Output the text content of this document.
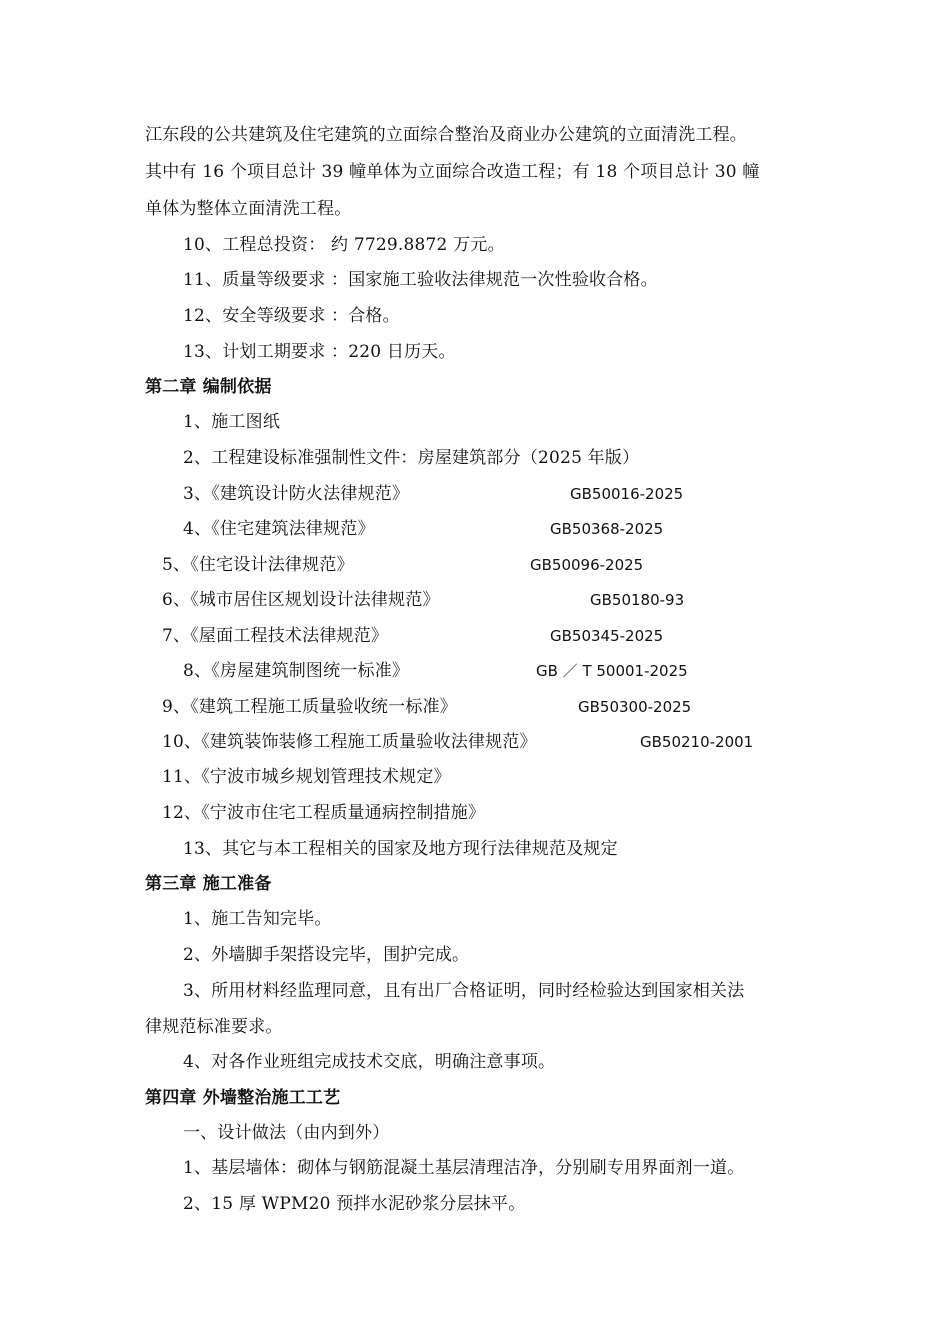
江东段的公共建筑及住宅建筑的立面综合整治及商业办公建筑的立面清洗工程。
其中有 16 个项目总计 39 幢单体为立面综合改造工程；有 18 个项目总计 30 幢
单体为整体立面清洗工程。
10、工程总投资： 约 7729.8872 万元。
11、质量等级要求 ：国家施工验收法律规范一次性验收合格。
12、安全等级要求 ：合格。
13、计划工期要求 ：220 日历天。
第二章 编制依据
1、施工图纸
2、工程建设标准强制性文件：房屋建筑部分（2025 年版）
3、《建筑设计防火法律规范》	GB50016-2025
4、《住宅建筑法律规范》	GB50368-2025
5、《住宅设计法律规范》	GB50096-2025
6、《城市居住区规划设计法律规范》	GB50180-93
7、《屋面工程技术法律规范》	GB50345-2025
8、《房屋建筑制图统一标准》	GB ／ T 50001-2025
9、《建筑工程施工质量验收统一标准》	GB50300-2025
10、《建筑装饰装修工程施工质量验收法律规范》	GB50210-2001
11、《宁波市城乡规划管理技术规定》
12、《宁波市住宅工程质量通病控制措施》
13、其它与本工程相关的国家及地方现行法律规范及规定
第三章 施工准备
1、施工告知完毕。
2、外墙脚手架搭设完毕，围护完成。
3、所用材料经监理同意，且有出厂合格证明，同时经检验达到国家相关法
律规范标准要求。
4、对各作业班组完成技术交底，明确注意事项。
第四章 外墙整治施工工艺
一、设计做法（由内到外）
1、基层墙体：砌体与钢筋混凝土基层清理洁净，分别刷专用界面剂一道。
2、15 厚 WPM20 预拌水泥砂浆分层抹平。
